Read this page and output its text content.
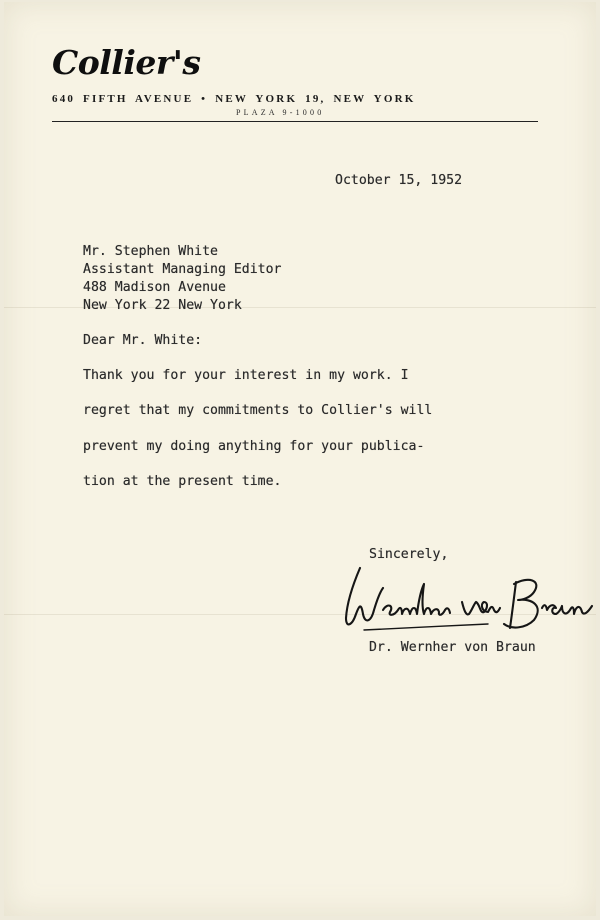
Collier's
640 FIFTH AVENUE • NEW YORK 19, NEW YORK
PLAZA 9-1000
October 15, 1952
Mr. Stephen White
Assistant Managing Editor
488 Madison Avenue
New York 22 New York
Dear Mr. White:
Thank you for your interest in my work. I
regret that my commitments to Collier's will
prevent my doing anything for your publica-
tion at the present time.
Sincerely,
Dr. Wernher von Braun
